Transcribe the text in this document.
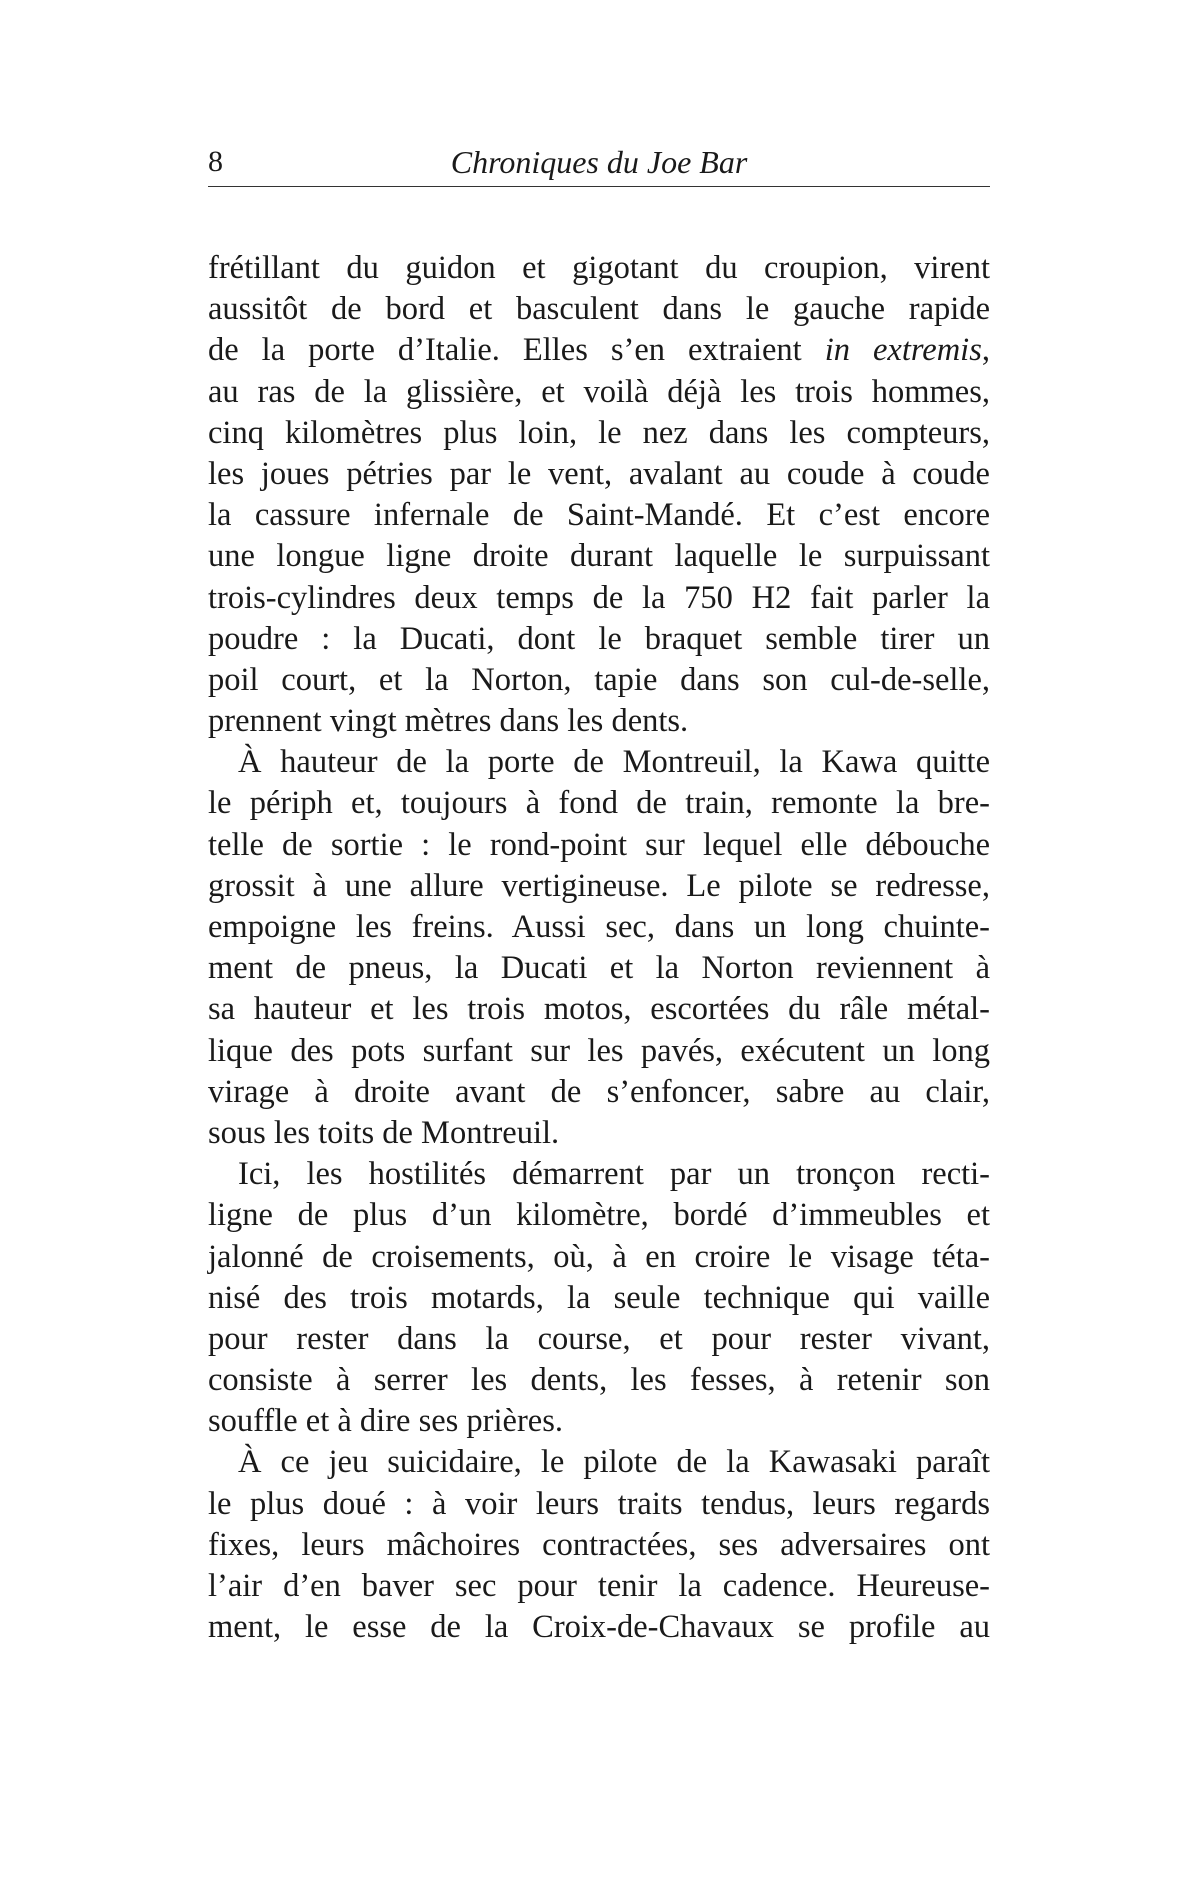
8	Chroniques du Joe Bar
frétillant du guidon et gigotant du croupion, virent
aussitôt de bord et basculent dans le gauche rapide
de la porte d’Italie. Elles s’en extraient in extremis,
au ras de la glissière, et voilà déjà les trois hommes,
cinq kilomètres plus loin, le nez dans les compteurs,
les joues pétries par le vent, avalant au coude à coude
la cassure infernale de Saint-Mandé. Et c’est encore
une longue ligne droite durant laquelle le surpuissant
trois-cylindres deux temps de la 750 H2 fait parler la
poudre : la Ducati, dont le braquet semble tirer un
poil court, et la Norton, tapie dans son cul-de-selle,
prennent vingt mètres dans les dents.
À hauteur de la porte de Montreuil, la Kawa quitte
le périph et, toujours à fond de train, remonte la bre-
telle de sortie : le rond-point sur lequel elle débouche
grossit à une allure vertigineuse. Le pilote se redresse,
empoigne les freins. Aussi sec, dans un long chuinte-
ment de pneus, la Ducati et la Norton reviennent à
sa hauteur et les trois motos, escortées du râle métal-
lique des pots surfant sur les pavés, exécutent un long
virage à droite avant de s’enfoncer, sabre au clair,
sous les toits de Montreuil.
Ici, les hostilités démarrent par un tronçon recti-
ligne de plus d’un kilomètre, bordé d’immeubles et
jalonné de croisements, où, à en croire le visage téta-
nisé des trois motards, la seule technique qui vaille
pour rester dans la course, et pour rester vivant,
consiste à serrer les dents, les fesses, à retenir son
souffle et à dire ses prières.
À ce jeu suicidaire, le pilote de la Kawasaki paraît
le plus doué : à voir leurs traits tendus, leurs regards
fixes, leurs mâchoires contractées, ses adversaires ont
l’air d’en baver sec pour tenir la cadence. Heureuse-
ment, le esse de la Croix-de-Chavaux se profile au
